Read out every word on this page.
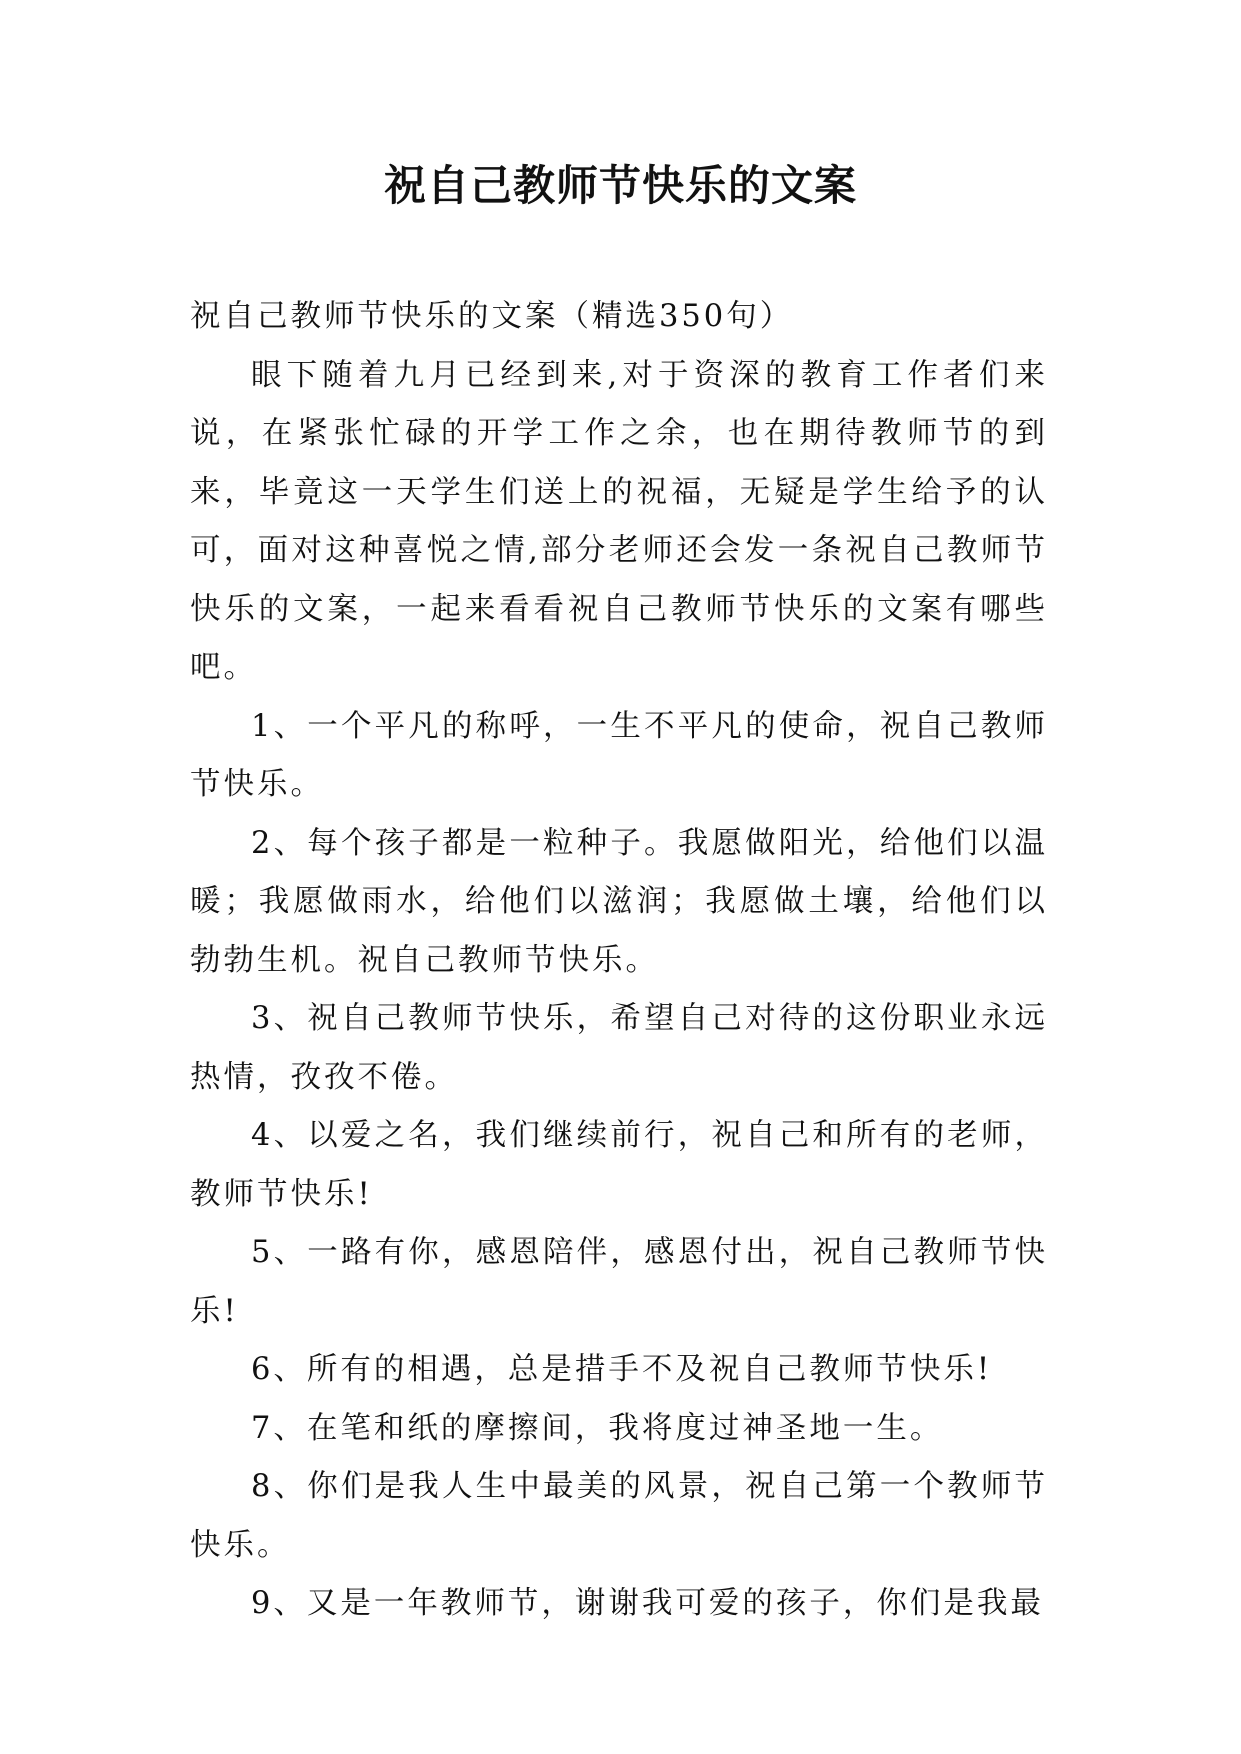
祝自己教师节快乐的文案

祝自己教师节快乐的文案（精选350句）

眼下随着九月已经到来,对于资深的教育工作者们来说，在紧张忙碌的开学工作之余，也在期待教师节的到来，毕竟这一天学生们送上的祝福，无疑是学生给予的认可，面对这种喜悦之情,部分老师还会发一条祝自己教师节快乐的文案，一起来看看祝自己教师节快乐的文案有哪些吧。

1、一个平凡的称呼，一生不平凡的使命，祝自己教师节快乐。

2、每个孩子都是一粒种子。我愿做阳光，给他们以温暖；我愿做雨水，给他们以滋润；我愿做土壤，给他们以勃勃生机。祝自己教师节快乐。

3、祝自己教师节快乐，希望自己对待的这份职业永远热情，孜孜不倦。

4、以爱之名，我们继续前行，祝自己和所有的老师，教师节快乐!

5、一路有你，感恩陪伴，感恩付出，祝自己教师节快乐!

6、所有的相遇，总是措手不及祝自己教师节快乐!

7、在笔和纸的摩擦间，我将度过神圣地一生。

8、你们是我人生中最美的风景，祝自己第一个教师节快乐。

9、又是一年教师节，谢谢我可爱的孩子，你们是我最
